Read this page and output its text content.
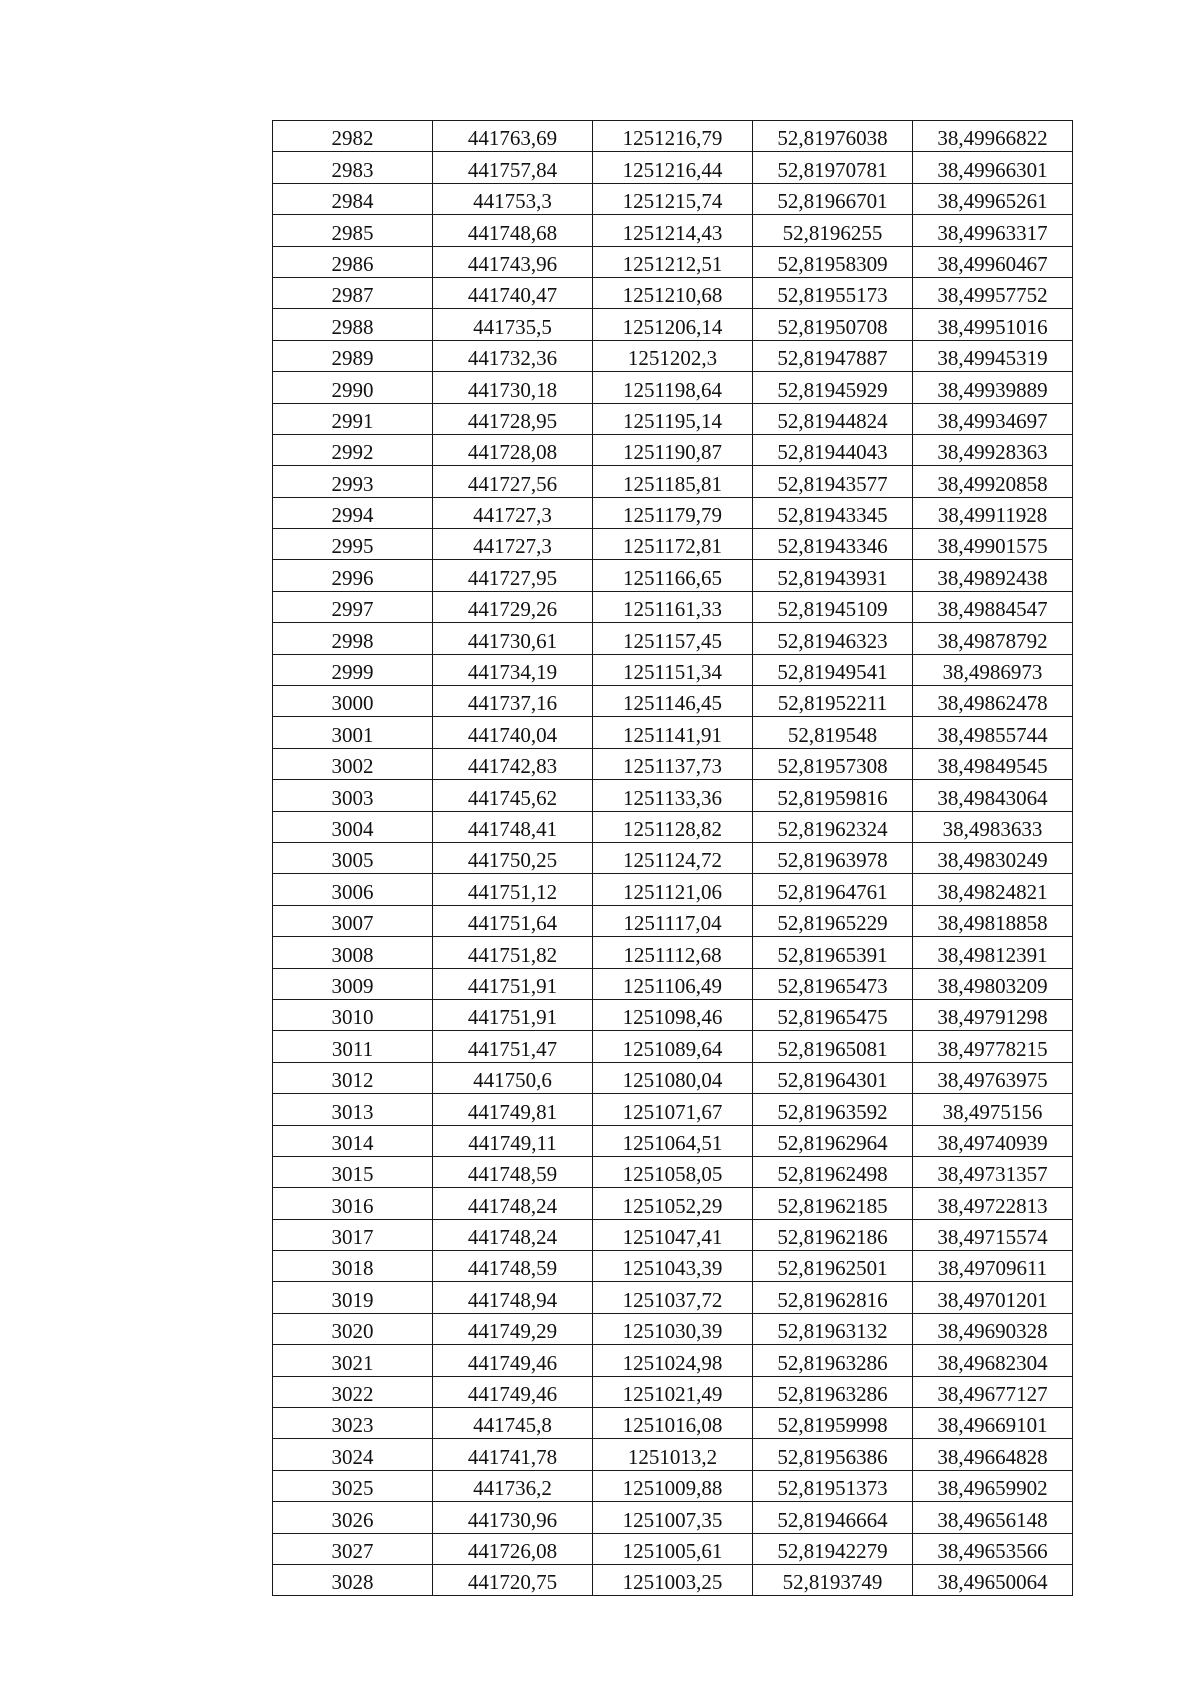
2982	441763,69	1251216,79	52,81976038	38,49966822
2983	441757,84	1251216,44	52,81970781	38,49966301
2984	441753,3	1251215,74	52,81966701	38,49965261
2985	441748,68	1251214,43	52,8196255	38,49963317
2986	441743,96	1251212,51	52,81958309	38,49960467
2987	441740,47	1251210,68	52,81955173	38,49957752
2988	441735,5	1251206,14	52,81950708	38,49951016
2989	441732,36	1251202,3	52,81947887	38,49945319
2990	441730,18	1251198,64	52,81945929	38,49939889
2991	441728,95	1251195,14	52,81944824	38,49934697
2992	441728,08	1251190,87	52,81944043	38,49928363
2993	441727,56	1251185,81	52,81943577	38,49920858
2994	441727,3	1251179,79	52,81943345	38,49911928
2995	441727,3	1251172,81	52,81943346	38,49901575
2996	441727,95	1251166,65	52,81943931	38,49892438
2997	441729,26	1251161,33	52,81945109	38,49884547
2998	441730,61	1251157,45	52,81946323	38,49878792
2999	441734,19	1251151,34	52,81949541	38,4986973
3000	441737,16	1251146,45	52,81952211	38,49862478
3001	441740,04	1251141,91	52,819548	38,49855744
3002	441742,83	1251137,73	52,81957308	38,49849545
3003	441745,62	1251133,36	52,81959816	38,49843064
3004	441748,41	1251128,82	52,81962324	38,4983633
3005	441750,25	1251124,72	52,81963978	38,49830249
3006	441751,12	1251121,06	52,81964761	38,49824821
3007	441751,64	1251117,04	52,81965229	38,49818858
3008	441751,82	1251112,68	52,81965391	38,49812391
3009	441751,91	1251106,49	52,81965473	38,49803209
3010	441751,91	1251098,46	52,81965475	38,49791298
3011	441751,47	1251089,64	52,81965081	38,49778215
3012	441750,6	1251080,04	52,81964301	38,49763975
3013	441749,81	1251071,67	52,81963592	38,4975156
3014	441749,11	1251064,51	52,81962964	38,49740939
3015	441748,59	1251058,05	52,81962498	38,49731357
3016	441748,24	1251052,29	52,81962185	38,49722813
3017	441748,24	1251047,41	52,81962186	38,49715574
3018	441748,59	1251043,39	52,81962501	38,49709611
3019	441748,94	1251037,72	52,81962816	38,49701201
3020	441749,29	1251030,39	52,81963132	38,49690328
3021	441749,46	1251024,98	52,81963286	38,49682304
3022	441749,46	1251021,49	52,81963286	38,49677127
3023	441745,8	1251016,08	52,81959998	38,49669101
3024	441741,78	1251013,2	52,81956386	38,49664828
3025	441736,2	1251009,88	52,81951373	38,49659902
3026	441730,96	1251007,35	52,81946664	38,49656148
3027	441726,08	1251005,61	52,81942279	38,49653566
3028	441720,75	1251003,25	52,8193749	38,49650064
